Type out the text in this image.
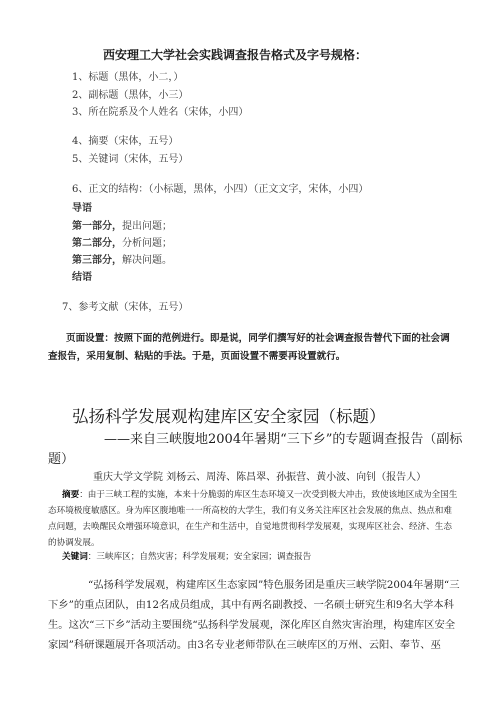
西安理工大学社会实践调查报告格式及字号规格：
1、标题（黑体，小二，）
2、副标题（黑体，小三）
3、所在院系及个人姓名（宋体，小四）
4、摘要（宋体，五号）
5、关键词（宋体，五号）
6、正文的结构：（小标题，黑体，小四）（正文文字，宋体，小四）
导语
第一部分，提出问题；
第二部分，分析问题；
第三部分，解决问题。
结语
7、参考文献（宋体，五号）
页面设置：按照下面的范例进行。即是说，同学们撰写好的社会调查报告替代下面的社会调查报告，采用复制、粘贴的手法。于是，页面设置不需要再设置就行。
弘扬科学发展观构建库区安全家园（标题）
——来自三峡腹地2004年暑期“三下乡”的专题调查报告（副标题）
重庆大学文学院 刘杨云、周涛、陈昌翠、孙振营、黄小波、向钊（报告人）
摘要：由于三峡工程的实施，本来十分脆弱的库区生态环境又一次受到极大冲击，致使该地区成为全国生态环境极度敏感区。身为库区腹地唯一一所高校的大学生，我们有义务关注库区社会发展的焦点、热点和难点问题，去唤醒民众增强环境意识，在生产和生活中，自觉地贯彻科学发展观，实现库区社会、经济、生态的协调发展。
关键词：三峡库区；自然灾害；科学发展观；安全家园；调查报告
“弘扬科学发展观，构建库区生态家园”特色服务团是重庆三峡学院2004年暑期“三下乡”的重点团队，由12名成员组成，其中有两名副教授、一名硕士研究生和9名大学本科生。这次“三下乡”活动主要围绕“弘扬科学发展观，深化库区自然灾害治理，构建库区安全家园”科研课题展开各项活动。由3名专业老师带队在三峡库区的万州、云阳、奉节、巫
